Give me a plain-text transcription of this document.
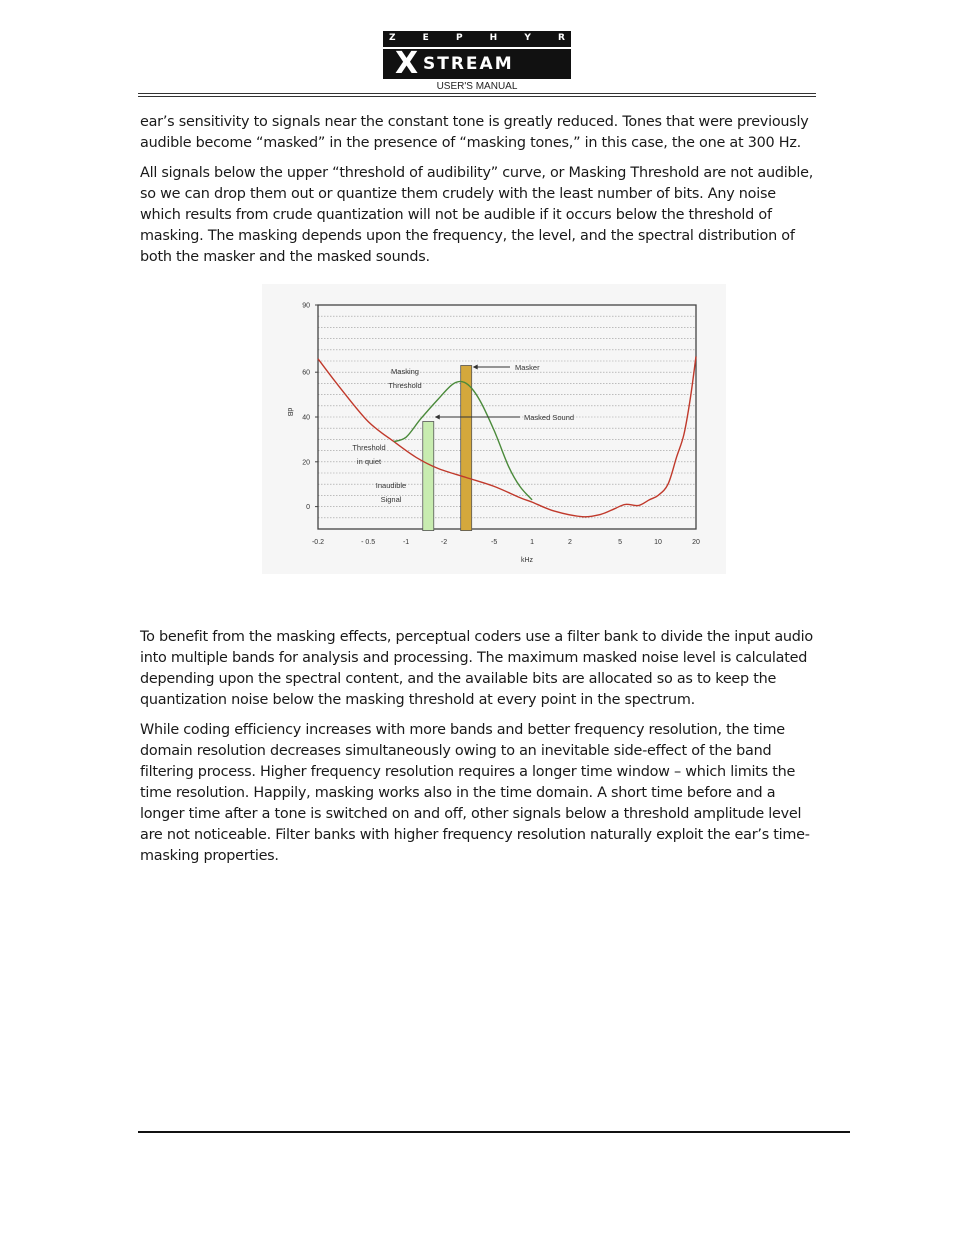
Z	E	P	H	Y	R
X STREAM
USER'S MANUAL

ear’s sensitivity to signals near the constant tone is greatly reduced. Tones that were previously audible become “masked” in the presence of “masking tones,” in this case, the one at 300 Hz.

All signals below the upper “threshold of audibility” curve, or Masking Threshold are not audible, so we can drop them out or quantize them crudely with the least number of bits. Any noise which results from crude quantization will not be audible if it occurs below the threshold of masking. The masking depends upon the frequency, the level, and the spectral distribution of both the masker and the masked sounds.

0
20
40
60
90
-0.2	- 0.5	-1	-2	-5	1	2	5	10	20
kHz
dB
Masking
Threshold
Threshold
in quiet
Inaudible
Signal
Masker
Masked Sound

To benefit from the masking effects, perceptual coders use a filter bank to divide the input audio into multiple bands for analysis and processing. The maximum masked noise level is calculated depending upon the spectral content, and the available bits are allocated so as to keep the quantization noise below the masking threshold at every point in the spectrum.

While coding efficiency increases with more bands and better frequency resolution, the time domain resolution decreases simultaneously owing to an inevitable side-effect of the band filtering process. Higher frequency resolution requires a longer time window – which limits the time resolution. Happily, masking works also in the time domain. A short time before and a longer time after a tone is switched on and off, other signals below a threshold amplitude level are not noticeable. Filter banks with higher frequency resolution naturally exploit the ear’s time-masking properties.
